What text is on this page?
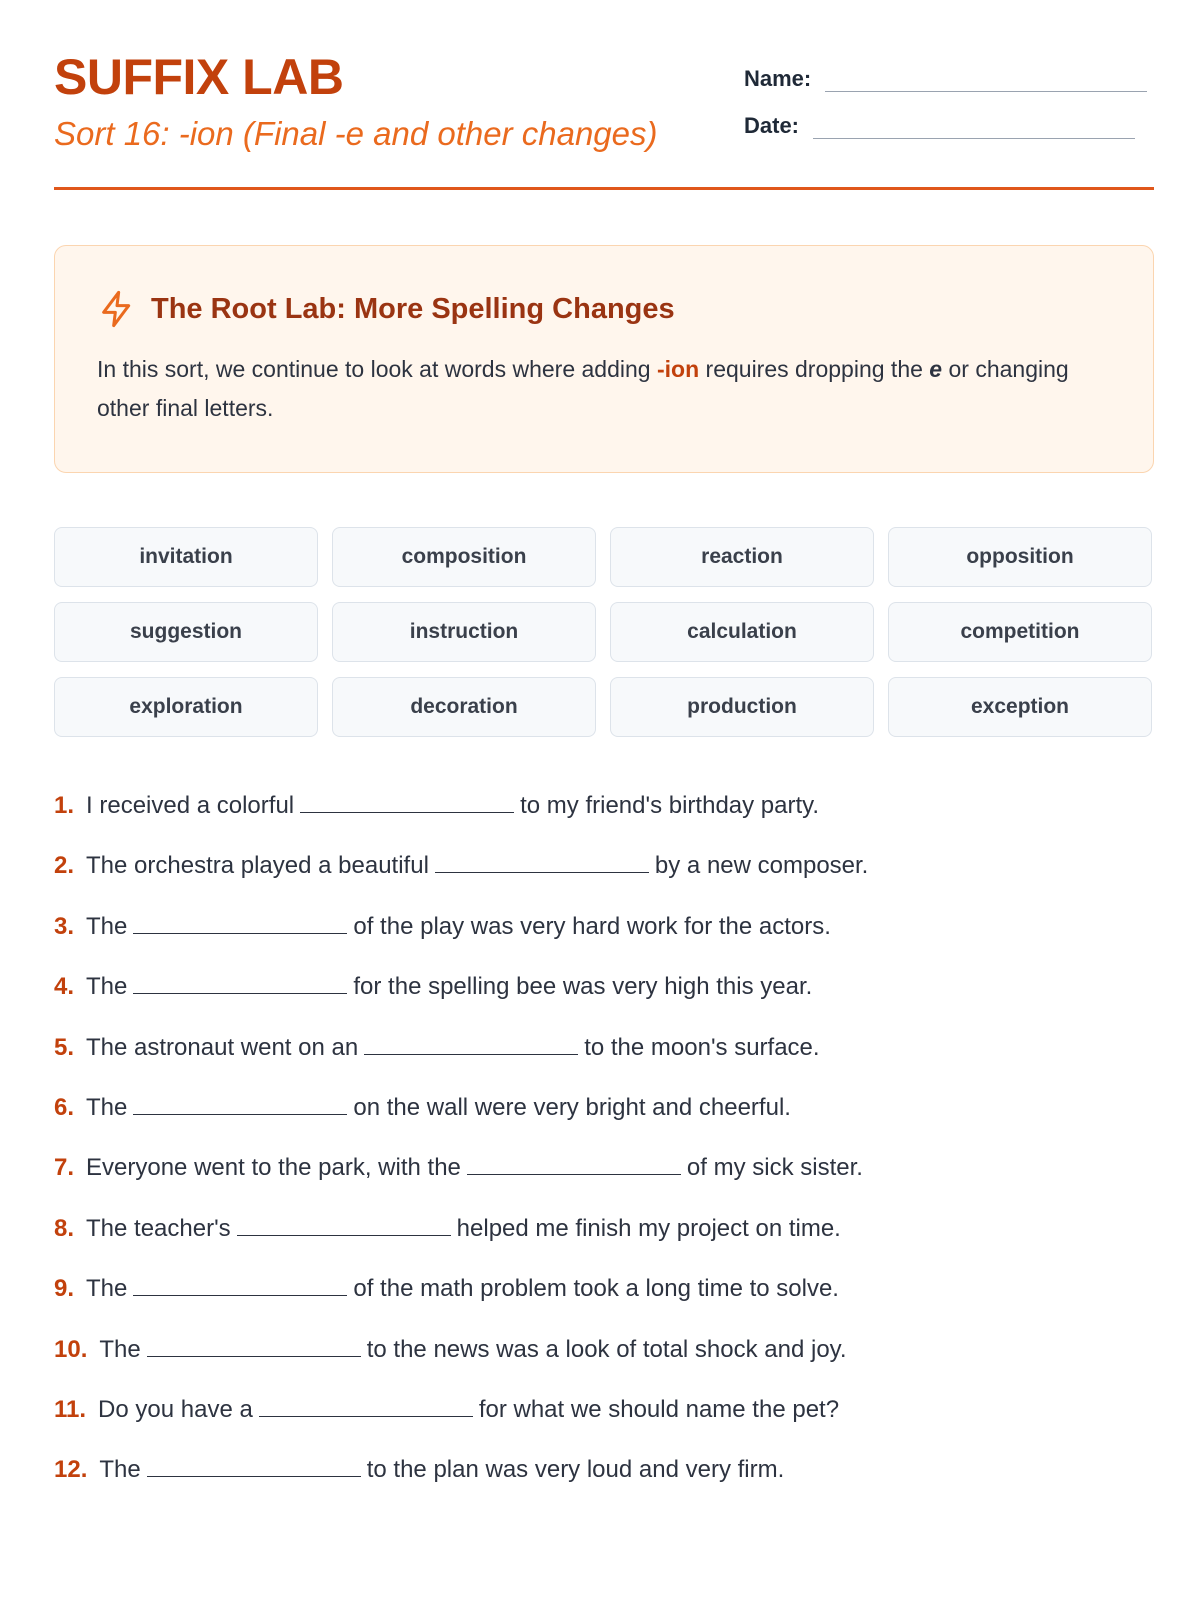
SUFFIX LAB
Sort 16: -ion (Final -e and other changes)
Name:
Date:
The Root Lab: More Spelling Changes
In this sort, we continue to look at words where adding -ion requires dropping the e or changing other final letters.
invitation	composition	reaction	opposition
suggestion	instruction	calculation	competition
exploration	decoration	production	exception
1. I received a colorful	to my friend's birthday party.
2. The orchestra played a beautiful	by a new composer.
3. The	of the play was very hard work for the actors.
4. The	for the spelling bee was very high this year.
5. The astronaut went on an	to the moon's surface.
6. The	on the wall were very bright and cheerful.
7. Everyone went to the park, with the	of my sick sister.
8. The teacher's	helped me finish my project on time.
9. The	of the math problem took a long time to solve.
10. The	to the news was a look of total shock and joy.
11. Do you have a	for what we should name the pet?
12. The	to the plan was very loud and very firm.
